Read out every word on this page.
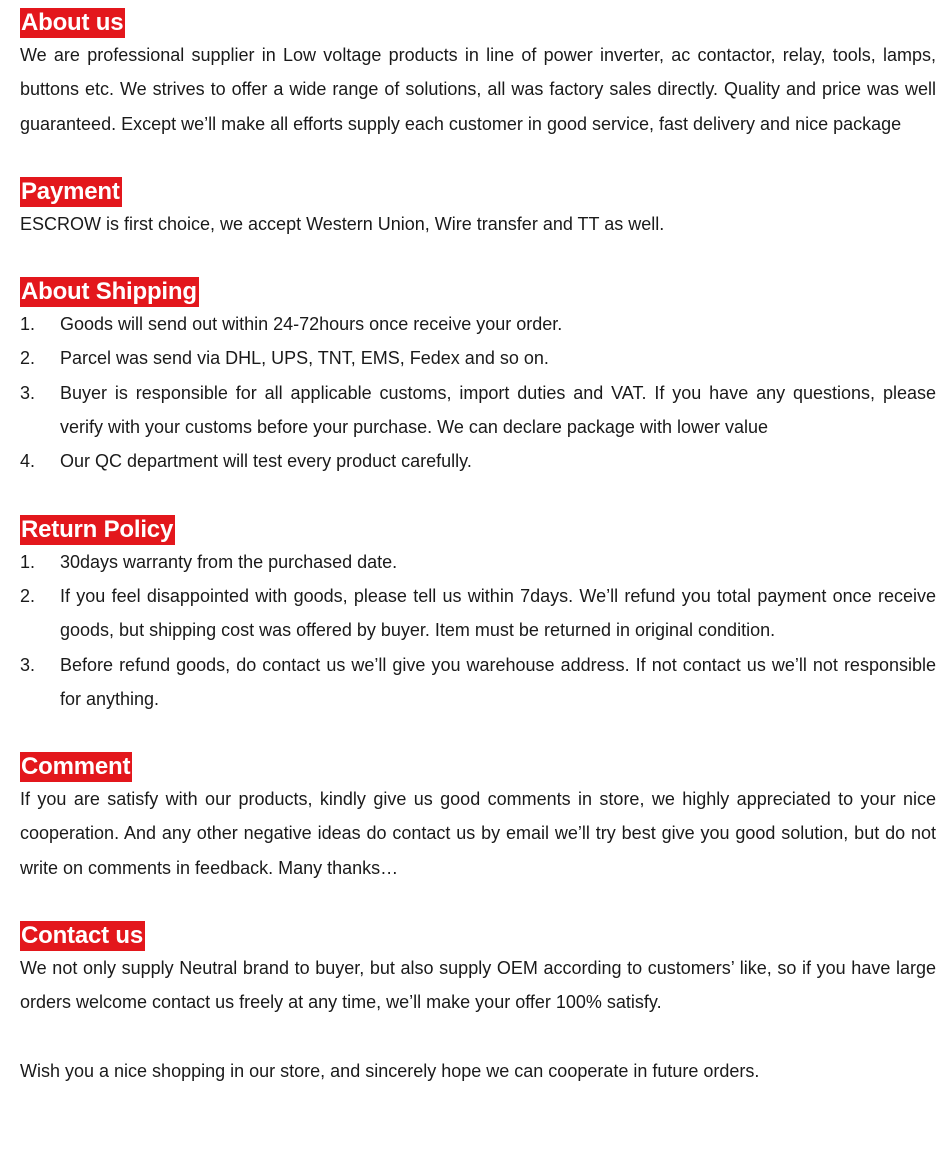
About us

We are professional supplier in Low voltage products in line of power inverter, ac contactor, relay, tools, lamps, buttons etc. We strives to offer a wide range of solutions, all was factory sales directly. Quality and price was well guaranteed. Except we’ll make all efforts supply each customer in good service, fast delivery and nice package

Payment

ESCROW is first choice, we accept Western Union, Wire transfer and TT as well.

About Shipping
1. Goods will send out within 24-72hours once receive your order.
2. Parcel was send via DHL, UPS, TNT, EMS, Fedex and so on.
3. Buyer is responsible for all applicable customs, import duties and VAT. If you have any questions, please verify with your customs before your purchase. We can declare package with lower value
4. Our QC department will test every product carefully.
Return Policy
1. 30days warranty from the purchased date.
2. If you feel disappointed with goods, please tell us within 7days. We’ll refund you total payment once receive goods, but shipping cost was offered by buyer. Item must be returned in original condition.
3. Before refund goods, do contact us we’ll give you warehouse address. If not contact us we’ll not responsible for anything.
Comment

If you are satisfy with our products, kindly give us good comments in store, we highly appreciated to your nice cooperation. And any other negative ideas do contact us by email we’ll try best give you good solution, but do not write on comments in feedback. Many thanks…

Contact us

We not only supply Neutral brand to buyer, but also supply OEM according to customers’ like, so if you have large orders welcome contact us freely at any time, we’ll make your offer 100% satisfy.

Wish you a nice shopping in our store, and sincerely hope we can cooperate in future orders.
